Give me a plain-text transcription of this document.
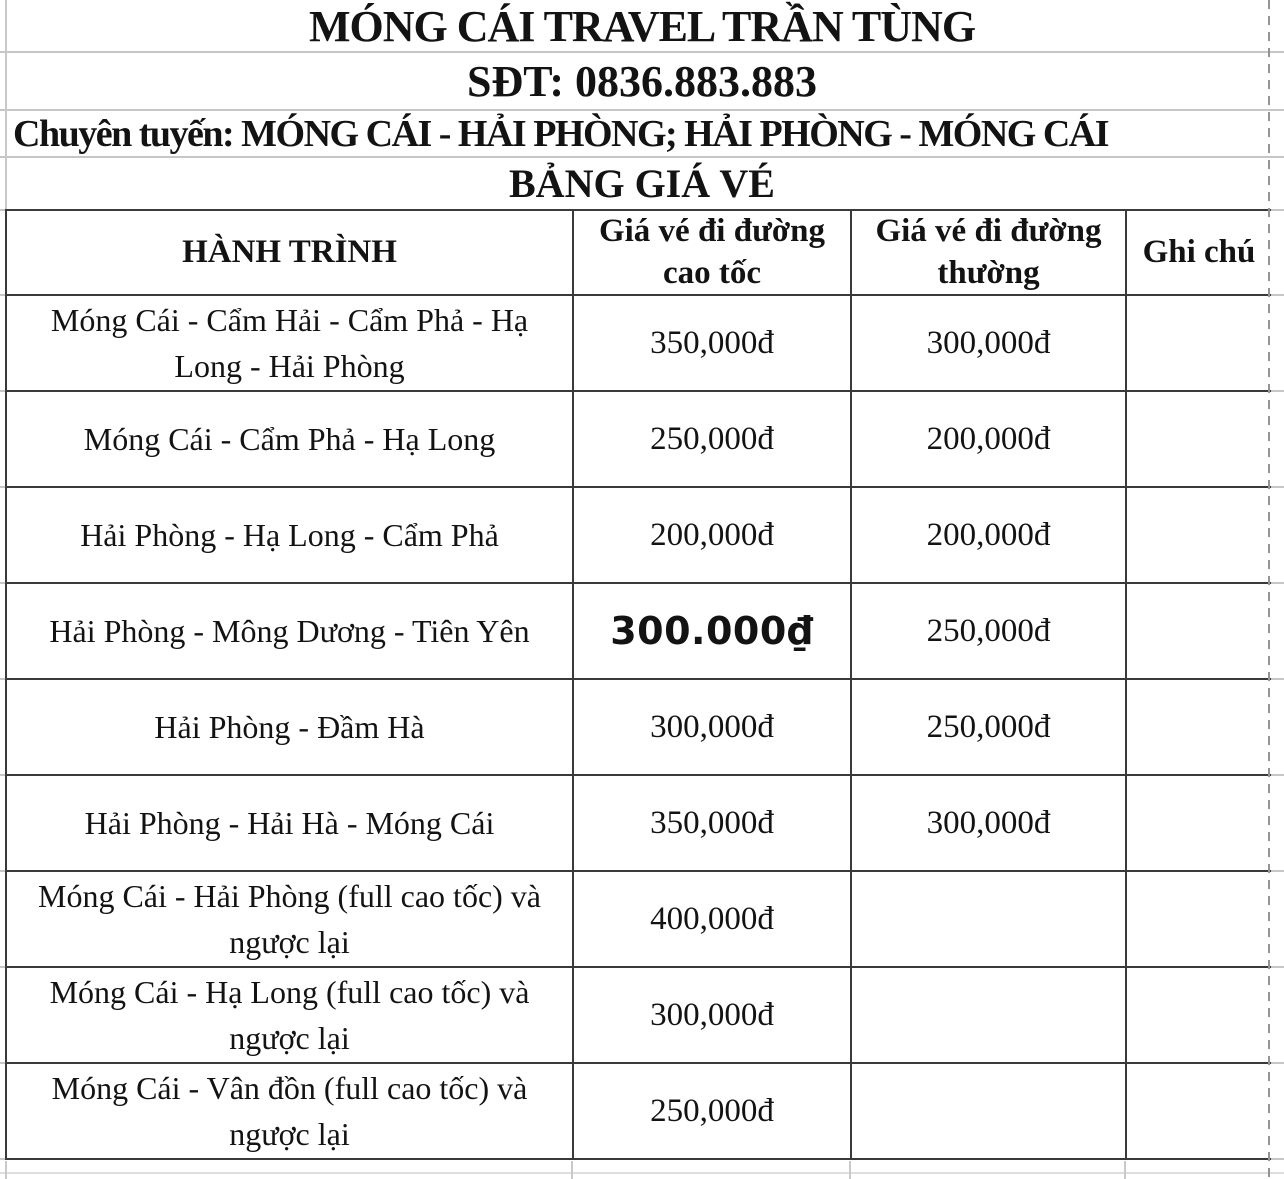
MÓNG CÁI TRAVEL TRẦN TÙNG
SĐT: 0836.883.883
Chuyên tuyến: MÓNG CÁI - HẢI PHÒNG; HẢI PHÒNG - MÓNG CÁI
BẢNG GIÁ VÉ
HÀNH TRÌNH	Giá vé đi đường cao tốc	Giá vé đi đường thường	Ghi chú
Móng Cái - Cẩm Hải - Cẩm Phả - Hạ Long - Hải Phòng	350,000đ	300,000đ	
Móng Cái - Cẩm Phả - Hạ Long	250,000đ	200,000đ	
Hải Phòng - Hạ Long - Cẩm Phả	200,000đ	200,000đ	
Hải Phòng - Mông Dương - Tiên Yên	300.000₫	250,000đ	
Hải Phòng - Đầm Hà	300,000đ	250,000đ	
Hải Phòng - Hải Hà - Móng Cái	350,000đ	300,000đ	
Móng Cái - Hải Phòng (full cao tốc) và ngược lại	400,000đ		
Móng Cái - Hạ Long (full cao tốc) và ngược lại	300,000đ		
Móng Cái - Vân đồn (full cao tốc) và ngược lại	250,000đ		
